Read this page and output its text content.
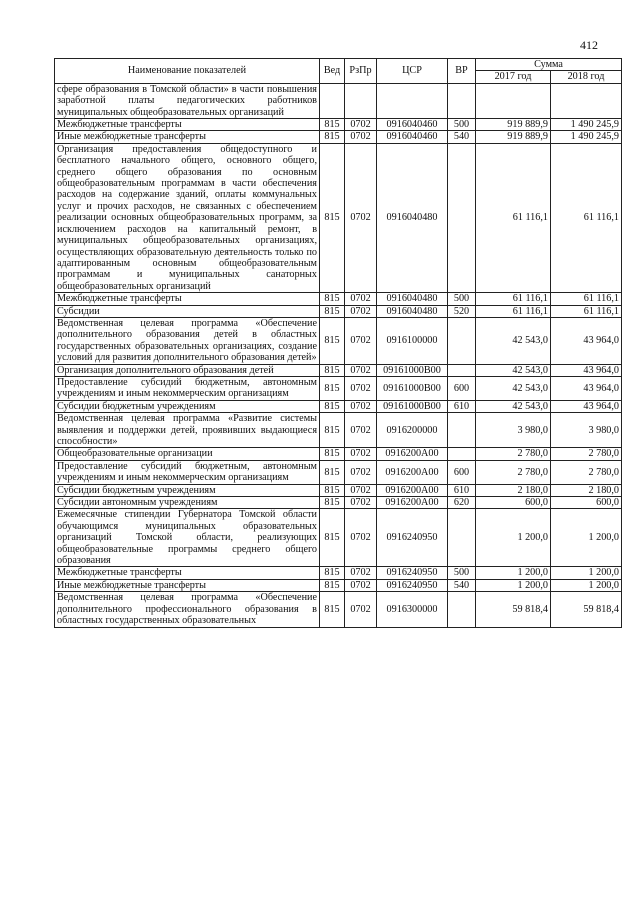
412
Наименование показателей	Вед	РзПр	ЦСР	ВР	Сумма	
					2017 год	2018 год
сфере образования в Томской области» в части повышения заработной платы педагогических работников муниципальных общеобразовательных организаций						
Межбюджетные трансферты	815	0702	0916040460	500	919 889,9	1 490 245,9
Иные межбюджетные трансферты	815	0702	0916040460	540	919 889,9	1 490 245,9
Организация предоставления общедоступного и бесплатного начального общего, основного общего, среднего общего образования по основным общеобразовательным программам в части обеспечения расходов на содержание зданий, оплаты коммунальных услуг и прочих расходов, не связанных с обеспечением реализации основных общеобразовательных программ, за исключением расходов на капитальный ремонт, в муниципальных общеобразовательных организациях, осуществляющих образовательную деятельность только по адаптированным основным общеобразовательным программам и муниципальных санаторных общеобразовательных организаций	815	0702	0916040480		61 116,1	61 116,1
Межбюджетные трансферты	815	0702	0916040480	500	61 116,1	61 116,1
Субсидии	815	0702	0916040480	520	61 116,1	61 116,1
Ведомственная целевая программа «Обеспечение дополнительного образования детей в областных государственных образовательных организациях, создание условий для развития дополнительного образования детей»	815	0702	0916100000		42 543,0	43 964,0
Организация дополнительного образования детей	815	0702	09161000В00		42 543,0	43 964,0
Предоставление субсидий бюджетным, автономным учреждениям и иным некоммерческим организациям	815	0702	09161000В00	600	42 543,0	43 964,0
Субсидии бюджетным учреждениям	815	0702	09161000В00	610	42 543,0	43 964,0
Ведомственная целевая программа «Развитие системы выявления и поддержки детей, проявивших выдающиеся способности»	815	0702	0916200000		3 980,0	3 980,0
Общеобразовательные организации	815	0702	0916200А00		2 780,0	2 780,0
Предоставление субсидий бюджетным, автономным учреждениям и иным некоммерческим организациям	815	0702	0916200А00	600	2 780,0	2 780,0
Субсидии бюджетным учреждениям	815	0702	0916200А00	610	2 180,0	2 180,0
Субсидии автономным учреждениям	815	0702	0916200А00	620	600,0	600,0
Ежемесячные стипендии Губернатора Томской области обучающимся муниципальных образовательных организаций Томской области, реализующих общеобразовательные программы среднего общего образования	815	0702	0916240950		1 200,0	1 200,0
Межбюджетные трансферты	815	0702	0916240950	500	1 200,0	1 200,0
Иные межбюджетные трансферты	815	0702	0916240950	540	1 200,0	1 200,0
Ведомственная целевая программа «Обеспечение дополнительного профессионального образования в областных государственных образовательных	815	0702	0916300000		59 818,4	59 818,4
